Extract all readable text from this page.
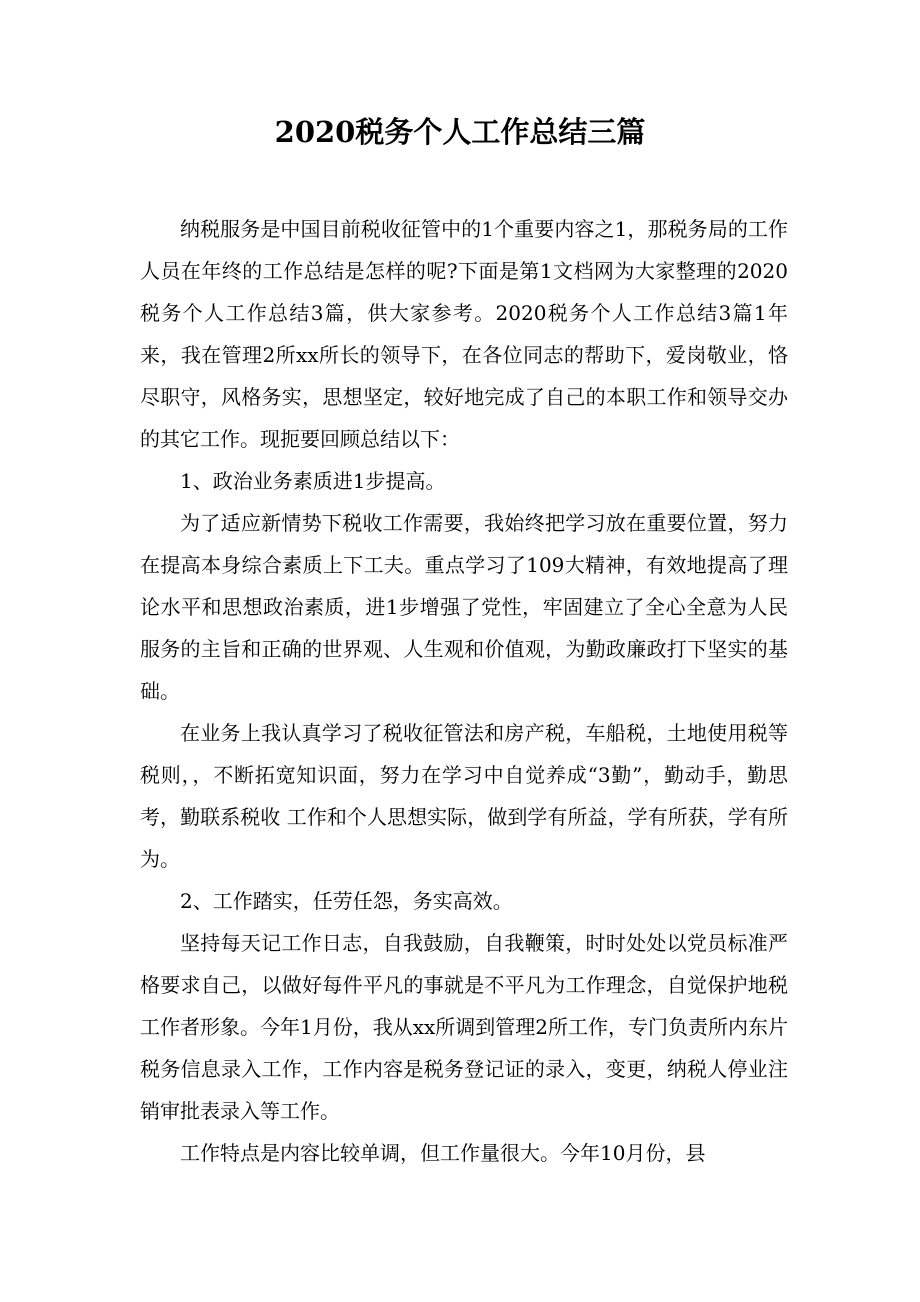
2020税务个人工作总结三篇

纳税服务是中国目前税收征管中的1个重要内容之1，那税务局的工作人员在年终的工作总结是怎样的呢?下面是第1文档网为大家整理的2020税务个人工作总结3篇，供大家参考。2020税务个人工作总结3篇1年来，我在管理2所xx所长的领导下，在各位同志的帮助下，爱岗敬业，恪尽职守，风格务实，思想坚定，较好地完成了自己的本职工作和领导交办的其它工作。现扼要回顾总结以下：

1、政治业务素质进1步提高。

为了适应新情势下税收工作需要，我始终把学习放在重要位置，努力在提高本身综合素质上下工夫。重点学习了109大精神，有效地提高了理论水平和思想政治素质，进1步增强了党性，牢固建立了全心全意为人民服务的主旨和正确的世界观、人生观和价值观，为勤政廉政打下坚实的基础。

在业务上我认真学习了税收征管法和房产税，车船税，土地使用税等税则，，不断拓宽知识面，努力在学习中自觉养成“3勤”，勤动手，勤思考，勤联系税收 工作和个人思想实际，做到学有所益，学有所获，学有所为。

2、工作踏实，任劳任怨，务实高效。

坚持每天记工作日志，自我鼓励，自我鞭策，时时处处以党员标准严格要求自己，以做好每件平凡的事就是不平凡为工作理念，自觉保护地税工作者形象。今年1月份，我从xx所调到管理2所工作，专门负责所内东片税务信息录入工作，工作内容是税务登记证的录入，变更，纳税人停业注销审批表录入等工作。

工作特点是内容比较单调，但工作量很大。今年10月份，县
